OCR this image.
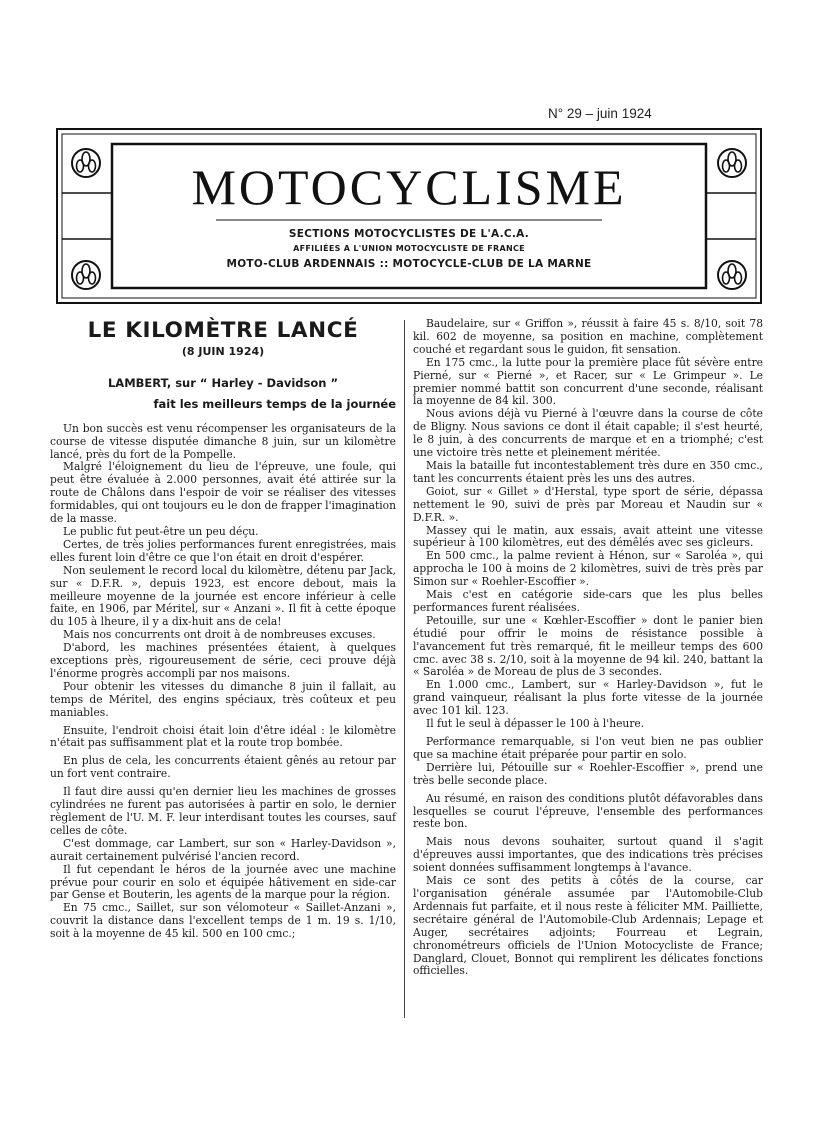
N° 29 – juin 1924
MOTOCYCLISME
SECTIONS MOTOCYCLISTES DE L'A.C.A.
AFFILIÉES A L'UNION MOTOCYCLISTE DE FRANCE
MOTO-CLUB ARDENNAIS :: MOTOCYCLE-CLUB DE LA MARNE
LE KILOMÈTRE LANCÉ
(8 JUIN 1924)
LAMBERT, sur “ Harley - Davidson ”
fait les meilleurs temps de la journée

Un bon succès est venu récompenser les organisateurs de la course de vitesse disputée dimanche 8 juin, sur un kilomètre lancé, près du fort de la Pompelle.

Malgré l'éloignement du lieu de l'épreuve, une foule, qui peut être évaluée à 2.000 personnes, avait été attirée sur la route de Châlons dans l'espoir de voir se réaliser des vitesses formidables, qui ont toujours eu le don de frapper l'imagination de la masse.

Le public fut peut-être un peu déçu.

Certes, de très jolies performances furent enregistrées, mais elles furent loin d'être ce que l'on était en droit d'espérer.

Non seulement le record local du kilomètre, détenu par Jack, sur « D.F.R. », depuis 1923, est encore debout, mais la meilleure moyenne de la journée est encore inférieur à celle faite, en 1906, par Méritel, sur « Anzani ». Il fit à cette époque du 105 à lheure, il y a dix-huit ans de cela!

Mais nos concurrents ont droit à de nombreuses excuses.

D'abord, les machines présentées étaient, à quelques exceptions près, rigoureusement de série, ceci prouve déjà l'énorme progrès accompli par nos maisons.

Pour obtenir les vitesses du dimanche 8 juin il fallait, au temps de Méritel, des engins spéciaux, très coûteux et peu maniables.

Ensuite, l'endroit choisi était loin d'être idéal : le kilomètre n'était pas suffisamment plat et la route trop bombée.

En plus de cela, les concurrents étaient gênés au retour par un fort vent contraire.

Il faut dire aussi qu'en dernier lieu les machines de grosses cylindrées ne furent pas autorisées à partir en solo, le dernier règlement de l'U. M. F. leur interdisant toutes les courses, sauf celles de côte.

C'est dommage, car Lambert, sur son « Harley-Davidson », aurait certainement pulvérisé l'ancien record.

Il fut cependant le héros de la journée avec une machine prévue pour courir en solo et équipée hâtivement en side-car par Gense et Bouterin, les agents de la marque pour la région.

En 75 cmc., Saillet, sur son vélomoteur « Saillet-Anzani », couvrit la distance dans l'excellent temps de 1 m. 19 s. 1/10, soit à la moyenne de 45 kil. 500 en 100 cmc.;

Baudelaire, sur « Griffon », réussit à faire 45 s. 8/10, soit 78 kil. 602 de moyenne, sa position en machine, complètement couché et regardant sous le guidon, fit sensation.

En 175 cmc., la lutte pour la première place fût sévère entre Pierné, sur « Pierné », et Racer, sur « Le Grimpeur ». Le premier nommé battit son concurrent d'une seconde, réalisant la moyenne de 84 kil. 300.

Nous avions déjà vu Pierné à l'œuvre dans la course de côte de Bligny. Nous savions ce dont il était capable; il s'est heurté, le 8 juin, à des concurrents de marque et en a triomphé; c'est une victoire très nette et pleinement méritée.

Mais la bataille fut incontestablement très dure en 350 cmc., tant les concurrents étaient près les uns des autres.

Goiot, sur « Gillet » d'Herstal, type sport de série, dépassa nettement le 90, suivi de près par Moreau et Naudin sur « D.F.R. ».

Massey qui le matin, aux essais, avait atteint une vitesse supérieur à 100 kilomètres, eut des démêlés avec ses gicleurs.

En 500 cmc., la palme revient à Hénon, sur « Saroléa », qui approcha le 100 à moins de 2 kilomètres, suivi de très près par Simon sur « Roehler-Escoffier ».

Mais c'est en catégorie side-cars que les plus belles performances furent réalisées.

Petouille, sur une « Kœhler-Escoffier » dont le panier bien étudié pour offrir le moins de résistance possible à l'avancement fut très remarqué, fit le meilleur temps des 600 cmc. avec 38 s. 2/10, soit à la moyenne de 94 kil. 240, battant la « Saroléa » de Moreau de plus de 3 secondes.

En 1.000 cmc., Lambert, sur « Harley-Davidson », fut le grand vainqueur, réalisant la plus forte vitesse de la journée avec 101 kil. 123.

Il fut le seul à dépasser le 100 à l'heure.

Performance remarquable, si l'on veut bien ne pas oublier que sa machine était préparée pour partir en solo.

Derrière lui, Pétouille sur « Roehler-Escoffier », prend une très belle seconde place.

Au résumé, en raison des conditions plutôt défavorables dans lesquelles se courut l'épreuve, l'ensemble des performances reste bon.

Mais nous devons souhaiter, surtout quand il s'agit d'épreuves aussi importantes, que des indications très précises soient données suffisamment longtemps à l'avance.

Mais ce sont des petits à côtés de la course, car l'organisation générale assumée par l'Automobile-Club Ardennais fut parfaite, et il nous reste à féliciter MM. Pailliette, secrétaire général de l'Automobile-Club Ardennais; Lepage et Auger, secrétaires adjoints; Fourreau et Legrain, chronométreurs officiels de l'Union Motocycliste de France; Danglard, Clouet, Bonnot qui remplirent les délicates fonctions officielles.
